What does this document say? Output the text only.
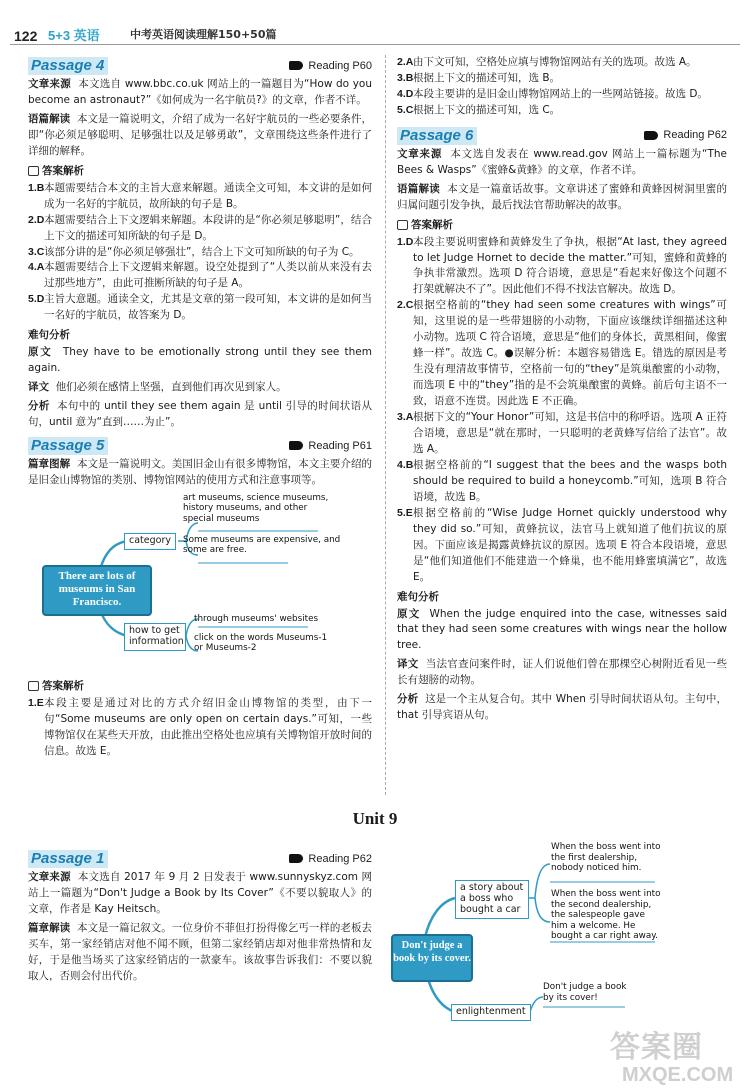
122 5+3 英语	中考英语阅读理解150+50篇
Passage 4	Reading P60

文章来源 本文选自 www.bbc.co.uk 网站上的一篇题目为“How do you become an astronaut?”《如何成为一名宇航员?》的文章，作者不详。

语篇解读 本文是一篇说明文，介绍了成为一名好宇航员的一些必要条件，即“你必须足够聪明、足够强壮以及足够勇敢”，文章围绕这些条件进行了详细的解释。

答案解析
1.B 本题需要结合本文的主旨大意来解题。通读全文可知，本文讲的是如何成为一名好的宇航员，故所缺的句子是 B。
2.D 本题需要结合上下文逻辑来解题。本段讲的是“你必须足够聪明”，结合上下文的描述可知所缺的句子是 D。
3.C 该部分讲的是“你必须足够强壮”，结合上下文可知所缺的句子为 C。
4.A 本题需要结合上下文逻辑来解题。设空处提到了“人类以前从来没有去过那些地方”，由此可推断所缺的句子是 A。
5.D 主旨大意题。通读全文，尤其是文章的第一段可知，本文讲的是如何当一名好的宇航员，故答案为 D。
难句分析

原文 They have to be emotionally strong until they see them again.

译文 他们必须在感情上坚强，直到他们再次见到家人。

分析 本句中的 until they see them again 是 until 引导的时间状语从句，until 意为“直到……为止”。

Passage 5	Reading P61

篇章图解 本文是一篇说明文。美国旧金山有很多博物馆，本文主要介绍的是旧金山博物馆的类别、博物馆网站的使用方式和注意事项等。

There are lots of museums in San Francisco.
category
art museums, science museums, history museums, and other special museums
Some museums are expensive, and some are free.
how to get information
through museums' websites
click on the words Museums-1 or Museums-2
答案解析
1.E 本段主要是通过对比的方式介绍旧金山博物馆的类型，由下一句“Some museums are only open on certain days.”可知，一些博物馆仅在某些天开放，由此推出空格处也应填有关博物馆开放时间的信息。故选 E。
2.A 由下文可知，空格处应填与博物馆网站有关的选项。故选 A。
3.B 根据上下文的描述可知，选 B。
4.D 本段主要讲的是旧金山博物馆网站上的一些网站链接。故选 D。
5.C 根据上下文的描述可知，选 C。
Passage 6	Reading P62

文章来源 本文选自发表在 www.read.gov 网站上一篇标题为“The Bees & Wasps”《蜜蜂&黄蜂》的文章，作者不详。

语篇解读 本文是一篇童话故事。文章讲述了蜜蜂和黄蜂因树洞里蜜的归属问题引发争执，最后找法官帮助解决的故事。

答案解析
1.D 本段主要说明蜜蜂和黄蜂发生了争执，根据“At last, they agreed to let Judge Hornet to decide the matter.”可知，蜜蜂和黄蜂的争执非常激烈。选项 D 符合语境，意思是“看起来好像这个问题不打架就解决不了”。因此他们不得不找法官解决。故选 D。
2.C 根据空格前的“they had seen some creatures with wings”可知，这里说的是一些带翅膀的小动物，下面应该继续详细描述这种小动物。选项 C 符合语境，意思是“他们的身体长，黄黑相间，像蜜蜂一样”。故选 C。●误解分析：本题容易错选 E。错选的原因是考生没有理清故事情节，空格前一句的“they”是筑巢酿蜜的小动物，而选项 E 中的“they”指的是不会筑巢酿蜜的黄蜂。前后句主语不一致，语意不连贯。因此选 E 不正确。
3.A 根据下文的“Your Honor”可知，这是书信中的称呼语。选项 A 正符合语境，意思是“就在那时，一只聪明的老黄蜂写信给了法官”。故选 A。
4.B 根据空格前的“I suggest that the bees and the wasps both should be required to build a honeycomb.”可知，选项 B 符合语境，故选 B。
5.E 根据空格前的“Wise Judge Hornet quickly understood why they did so.”可知，黄蜂抗议，法官马上就知道了他们抗议的原因。下面应该是揭露黄蜂抗议的原因。选项 E 符合本段语境，意思是“他们知道他们不能建造一个蜂巢，也不能用蜂蜜填满它”，故选 E。
难句分析

原文 When the judge enquired into the case, witnesses said that they had seen some creatures with wings near the hollow tree.

译文 当法官查问案件时，证人们说他们曾在那棵空心树附近看见一些长有翅膀的动物。

分析 这是一个主从复合句。其中 When 引导时间状语从句。主句中，that 引导宾语从句。

Unit 9
Passage 1	Reading P62

文章来源 本文选自 2017 年 9 月 2 日发表于 www.sunnyskyz.com 网站上一篇题为“Don't Judge a Book by Its Cover”《不要以貌取人》的文章，作者是 Kay Heitsch。

篇章解读 本文是一篇记叙文。一位身价不菲但打扮得像乞丐一样的老板去买车，第一家经销店对他不闻不顾，但第二家经销店却对他非常热情和友好，于是他当场买了这家经销店的一款豪车。该故事告诉我们：不要以貌取人，否则会付出代价。

Don't judge a book by its cover.
a story about a boss who bought a car
When the boss went into the first dealership, nobody noticed him.
When the boss went into the second dealership, the salespeople gave him a welcome. He bought a car right away.
enlightenment
Don't judge a book by its cover!
答案圈
MXQE.COM
